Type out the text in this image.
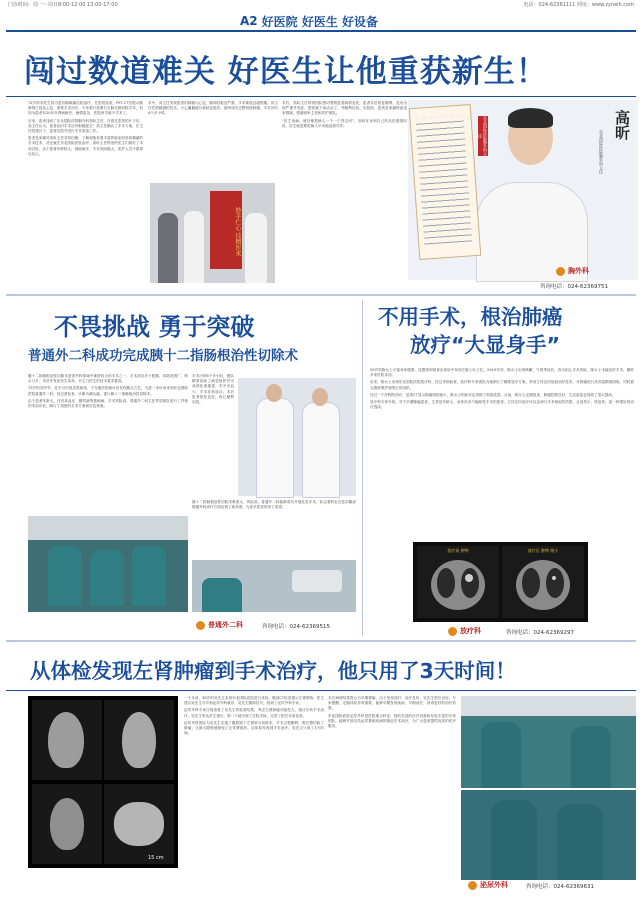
门诊时间：周一～周日8:00-12:00 13:00-17:00	电话：024-62361111 网址：www.zyneih.com
A2 好医院 好医生 好设备
闯过数道难关 好医生让他重获新生！

72岁的刘先生因为患有胸腺瘤住院治疗，在医院检查，PET-CT后提示肺肿物已侵及心包，需要手术治疗，专家要只需要行左肺全肺切除手术，但因为患者有20多年肾病病史，病情复杂，医院里早就不手术了。

后来，患者找到了东北国际医院胸外科高昕主任，在看过患者的片子后，高主任认为，患者此时手术应该积极配合！高主任确认了手术方案，在主任的建议下，患者住院并进行手术准备工作。

患者及家属对高昕主任非常信赖，了解到他有着丰富的临床经验和精湛的手术技术，决定就在东北国际医院治疗。高昕主任科里的医生们做好了术前讨论，由于患者年龄较大，基础病多，手术风险极大，医护人员不敢掉以轻心。

术中，高主任发现患者的肿瘤与心包、膈神经粘连严重，手术难度远超预期。高主任凭借精湛的技术，小心翼翼地分离粘连组织，最终成功完整切除肿瘤，手术历时4个多小时。

术后，高昕主任带领团队密切观察患者病情变化，患者术后恢复顺利，没有出现严重并发症，很快就下床活动了，并顺利出院。出院前，患者及家属特意送来锦旗，感谢高昕主任和医护团队。

“医生治病，就好像把病人一个一个背过河”，高昕在谈到自己的从医感悟时说，医生就是要把病人平安地送到对岸。

妙手仁心 技精医术
东北国际医院胸外科主任	高昕
东北国际医院胸外科主任
胸外科
咨询电话：024-62369751
不畏挑战 勇于突破
普通外二科成功完成胰十二指肠根治性切除术

腹十二指肠根治性切除术是普外科领域中难度较大的手术之一，手术涉及多个脏器，切除范围广，吻合口多，术后并发症发生率高，对主刀医生的技术要求极高。

73岁的刘爷爷，近半月出现皮肤黄染，于当地医院就诊后发现胰头占位，为进一步诊治来到东北国际医院普通外二科，经完善检查，诊断为胰头癌，需行胰十二指肠根治性切除术。

由于患者年龄大，伴有高血压、糖尿病等基础病，手术风险高。普通外二科主任带领团队进行了详细的术前评估，制订了周密的手术方案和应急预案。

手术历时6个多小时，团队精准切除了病变组织并完成消化道重建，术中出血少，手术非常成功。术后患者恢复良好，现已顺利出院。

胰十二指肠根治性切除术难度大、风险高，普通外二科能够成功开展此类手术，标志着科室在复杂腹部肿瘤外科治疗方面达到了新高度，为更多患者带来了希望。

普通外二科	咨询电话：024-62369515
不用手术，根治肺癌
放疗“大显身手”

59岁的陈女士平素身体健康，没想到却被查出体检中发现左肺上叶占位。2019年初，陈女士出现咳嗽、气短等症状，因为担心手术风险，陈女士未能及时手术，辗转多家医院求治。

后来，陈女士来到东北国际医院放疗科，经过详细检查，放疗科专家团队为她制订了精准放疗方案。采用立体定向放射治疗技术，对肿瘤进行高剂量精准照射，同时最大限度保护周围正常组织。

经过一个疗程的治疗，复查CT显示肿瘤明显缩小，陈女士的症状也得到了明显改善。目前，陈女士定期复查，肿瘤控制良好，生活质量也得到了很大提高。

放疗科专家介绍，对于早期肺癌患者，尤其是年龄大、身体状况不能耐受手术的患者，立体定向放疗可以达到与手术相似的效果，且创伤小、恢复快，是一种很好的治疗选择。

放疗前 肿物	放疗后 肿物 缩小
放疗科	咨询电话：024-62369297
从体检发现左肾肿瘤到手术治疗，他只用了3天时间！
15 cm

一个月前，38岁的吴先生来到东北国际医院进行体检，腹部CT检查提示左肾肿物。医生建议吴先生尽早到泌尿外科就诊，吴先生随即挂号，找到了泌尿外科专家。

泌尿外科专家仔细查看了吴先生的检查结果，考虑左肾肿瘤可能性大，建议尽快手术治疗。吴先生听从医生建议，第二天就办理了住院手续，完善了相关术前检查。

泌尿外科团队为吴先生实施了腹腔镜下左肾部分切除术，手术过程顺利，既完整切除了肿瘤，又最大限度地保留了正常肾组织。从体检发现到手术治疗，吴先生只用了3天时间。

术后病理结果提示为早期肾癌，由于发现及时、治疗及时，吴先生预后良好。专家提醒，定期体检非常重要，能够早期发现疾病，早期治疗，获得更好的治疗效果。

东北国际医院泌尿外科是医院重点科室，拥有先进的诊疗设备和经验丰富的专家团队，能够开展各类泌尿系统疾病的微创手术治疗，为广大患者提供优质的医疗服务。

泌尿外科	咨询电话：024-62369631
